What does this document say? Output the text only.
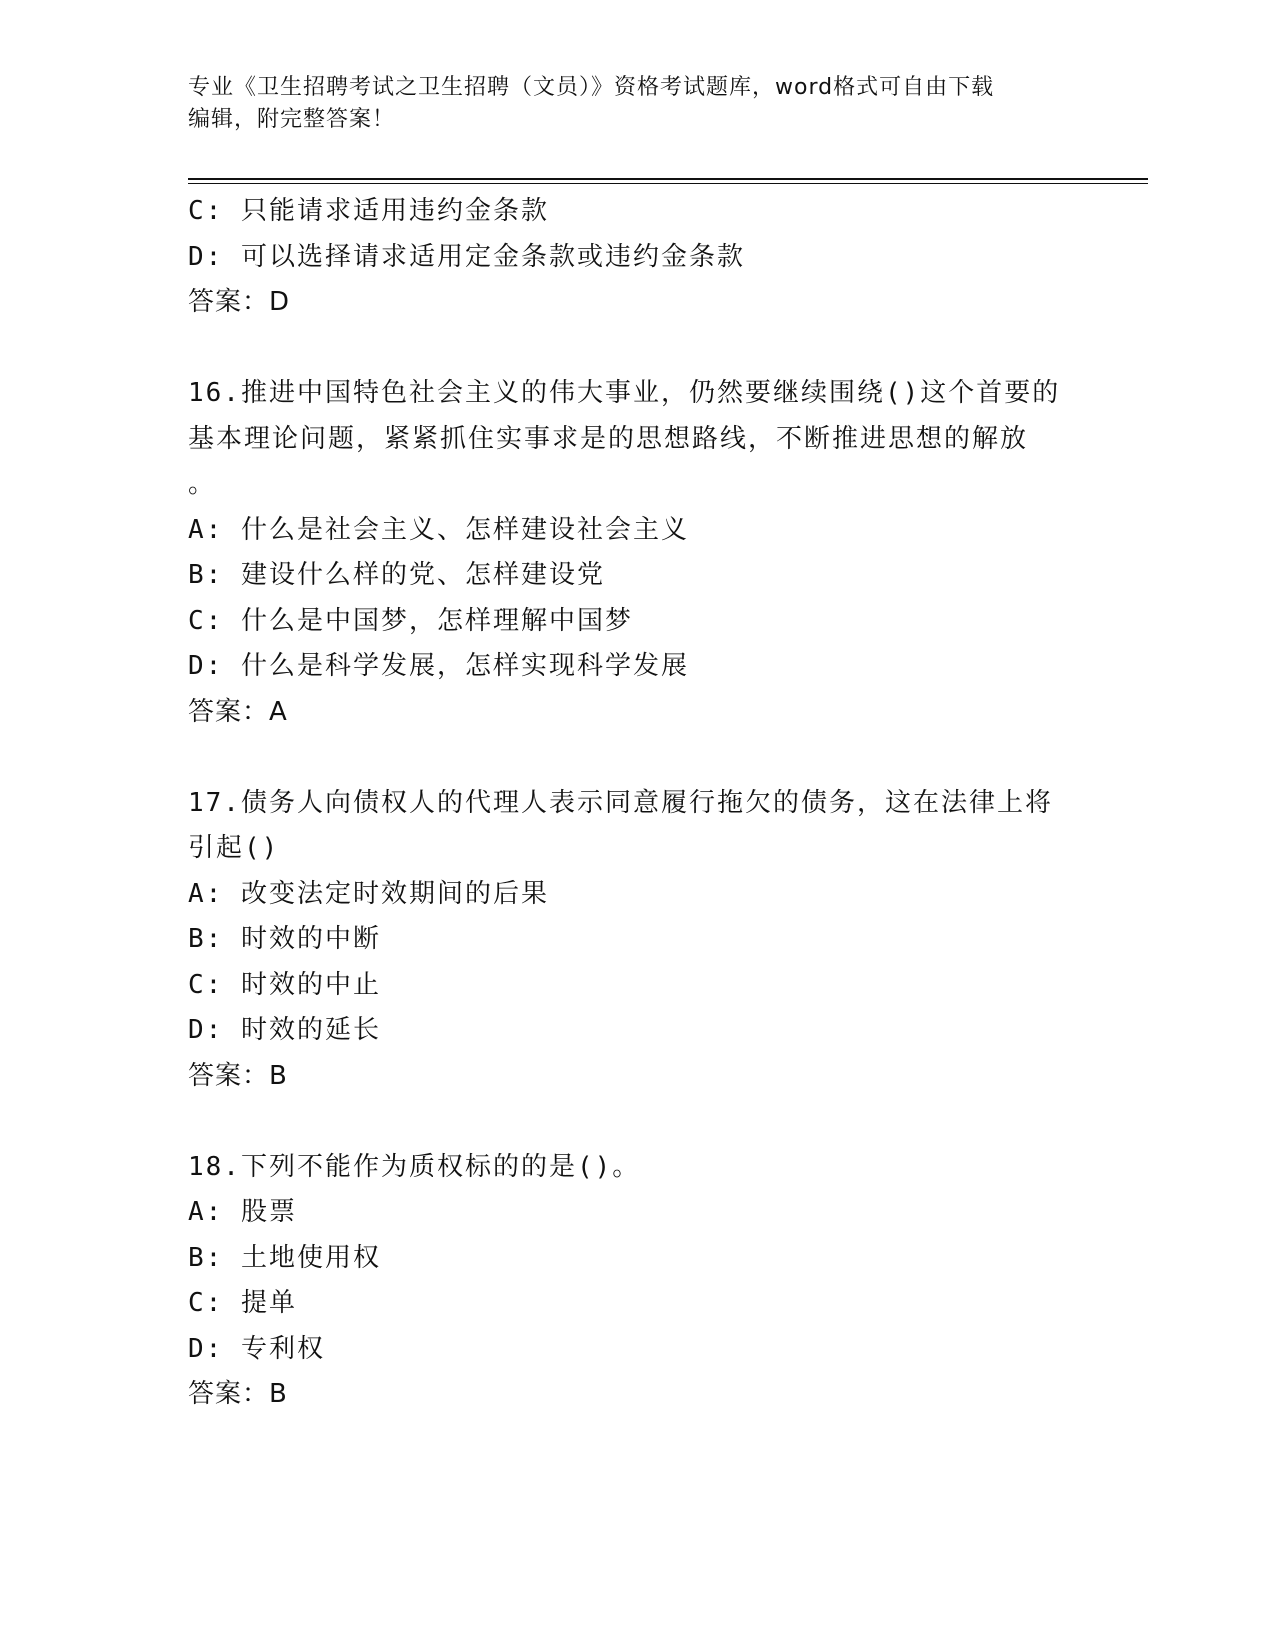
专业《卫生招聘考试之卫生招聘（文员）》资格考试题库，word格式可自由下载
编辑，附完整答案！
C: 只能请求适用违约金条款
D: 可以选择请求适用定金条款或违约金条款
答案：D
16.推进中国特色社会主义的伟大事业，仍然要继续围绕()这个首要的
基本理论问题，紧紧抓住实事求是的思想路线，不断推进思想的解放
。
A: 什么是社会主义、怎样建设社会主义
B: 建设什么样的党、怎样建设党
C: 什么是中国梦，怎样理解中国梦
D: 什么是科学发展，怎样实现科学发展
答案：A
17.债务人向债权人的代理人表示同意履行拖欠的债务，这在法律上将
引起()
A: 改变法定时效期间的后果
B: 时效的中断
C: 时效的中止
D: 时效的延长
答案：B
18.下列不能作为质权标的的是()。
A: 股票
B: 土地使用权
C: 提单
D: 专利权
答案：B
